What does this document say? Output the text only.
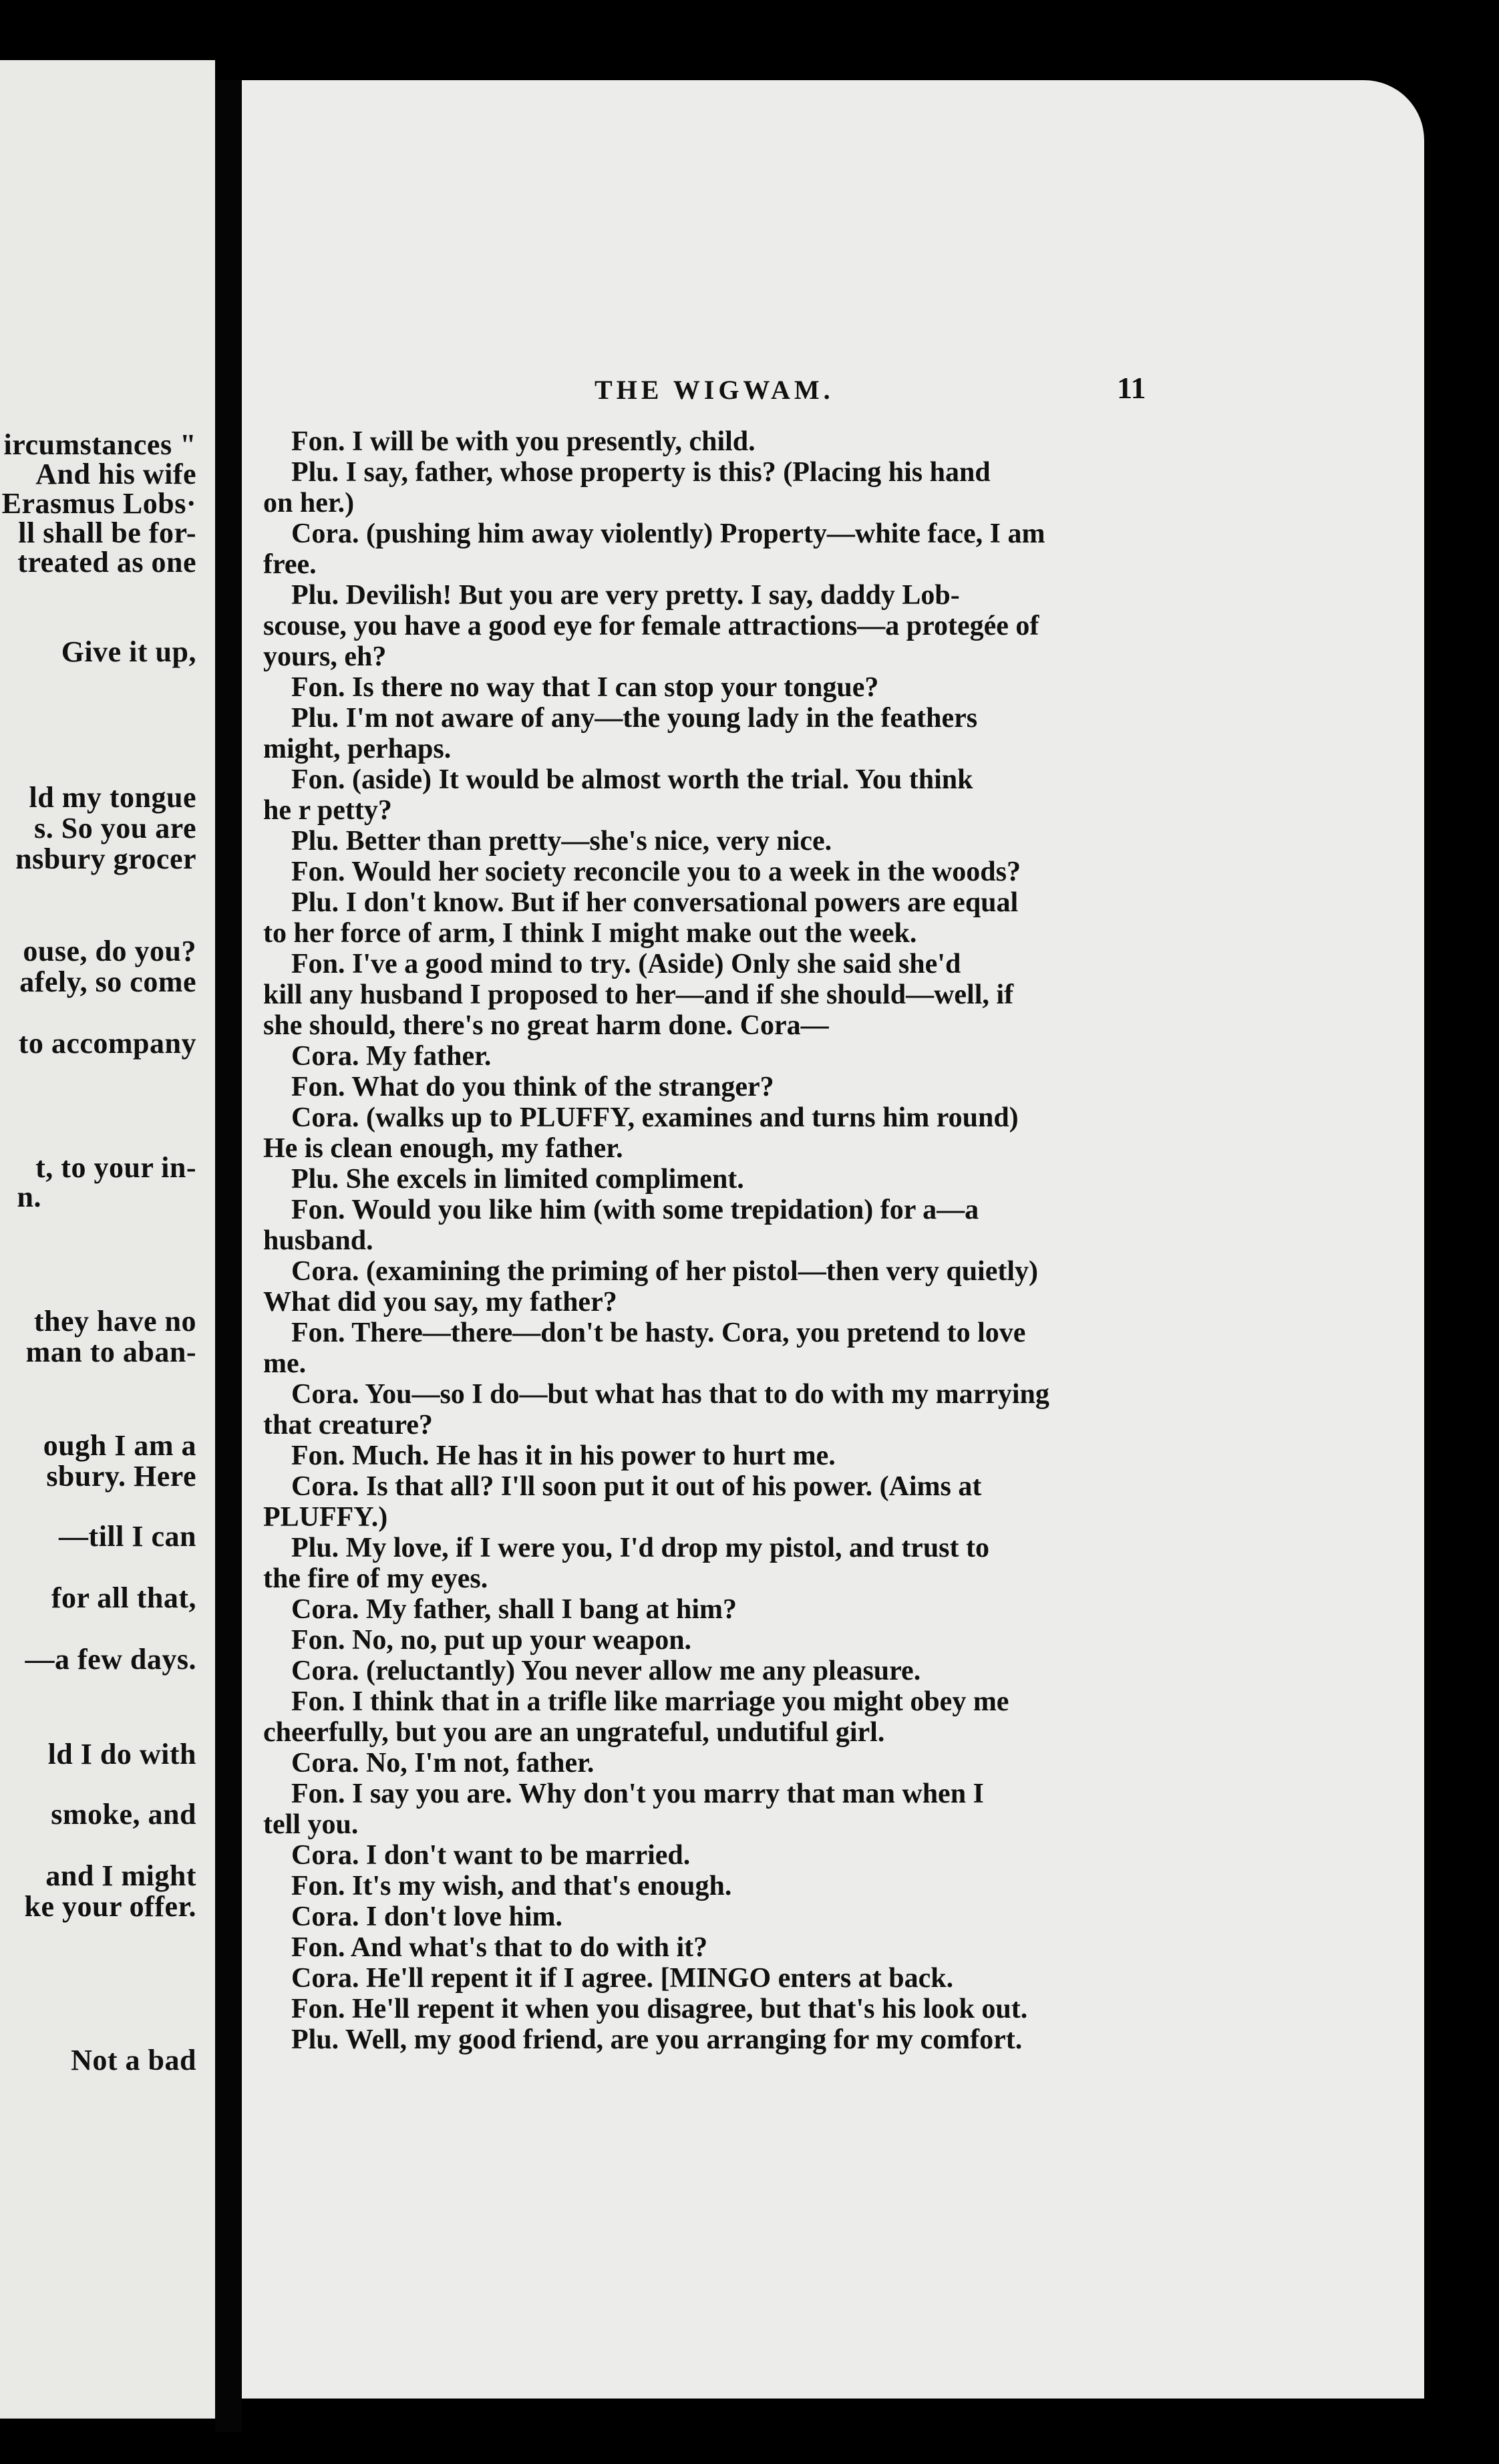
ircumstances "
And his wife
Erasmus Lobs·
ll shall be for-
treated as one
Give it up,
ld my tongue
s. So you are
nsbury grocer
ouse, do you?
afely, so come
to accompany
t, to your in-
n.
they have no
man to aban-
ough I am a
sbury. Here
—till I can
for all that,
—a few days.
ld I do with
smoke, and
and I might
ke your offer.
Not a bad
THE WIGWAM.	11
Fon. I will be with you presently, child.
Plu. I say, father, whose property is this? (Placing his hand
on her.)
Cora. (pushing him away violently) Property—white face, I am
free.
Plu. Devilish! But you are very pretty. I say, daddy Lob-
scouse, you have a good eye for female attractions—a protegée of
yours, eh?
Fon. Is there no way that I can stop your tongue?
Plu. I'm not aware of any—the young lady in the feathers
might, perhaps.
Fon. (aside) It would be almost worth the trial. You think
he r petty?
Plu. Better than pretty—she's nice, very nice.
Fon. Would her society reconcile you to a week in the woods?
Plu. I don't know. But if her conversational powers are equal
to her force of arm, I think I might make out the week.
Fon. I've a good mind to try. (Aside) Only she said she'd
kill any husband I proposed to her—and if she should—well, if
she should, there's no great harm done. Cora—
Cora. My father.
Fon. What do you think of the stranger?
Cora. (walks up to PLUFFY, examines and turns him round)
He is clean enough, my father.
Plu. She excels in limited compliment.
Fon. Would you like him (with some trepidation) for a—a
husband.
Cora. (examining the priming of her pistol—then very quietly)
What did you say, my father?
Fon. There—there—don't be hasty. Cora, you pretend to love
me.
Cora. You—so I do—but what has that to do with my marrying
that creature?
Fon. Much. He has it in his power to hurt me.
Cora. Is that all? I'll soon put it out of his power. (Aims at
PLUFFY.)
Plu. My love, if I were you, I'd drop my pistol, and trust to
the fire of my eyes.
Cora. My father, shall I bang at him?
Fon. No, no, put up your weapon.
Cora. (reluctantly) You never allow me any pleasure.
Fon. I think that in a trifle like marriage you might obey me
cheerfully, but you are an ungrateful, undutiful girl.
Cora. No, I'm not, father.
Fon. I say you are. Why don't you marry that man when I
tell you.
Cora. I don't want to be married.
Fon. It's my wish, and that's enough.
Cora. I don't love him.
Fon. And what's that to do with it?
Cora. He'll repent it if I agree. [MINGO enters at back.
Fon. He'll repent it when you disagree, but that's his look out.
Plu. Well, my good friend, are you arranging for my comfort.
